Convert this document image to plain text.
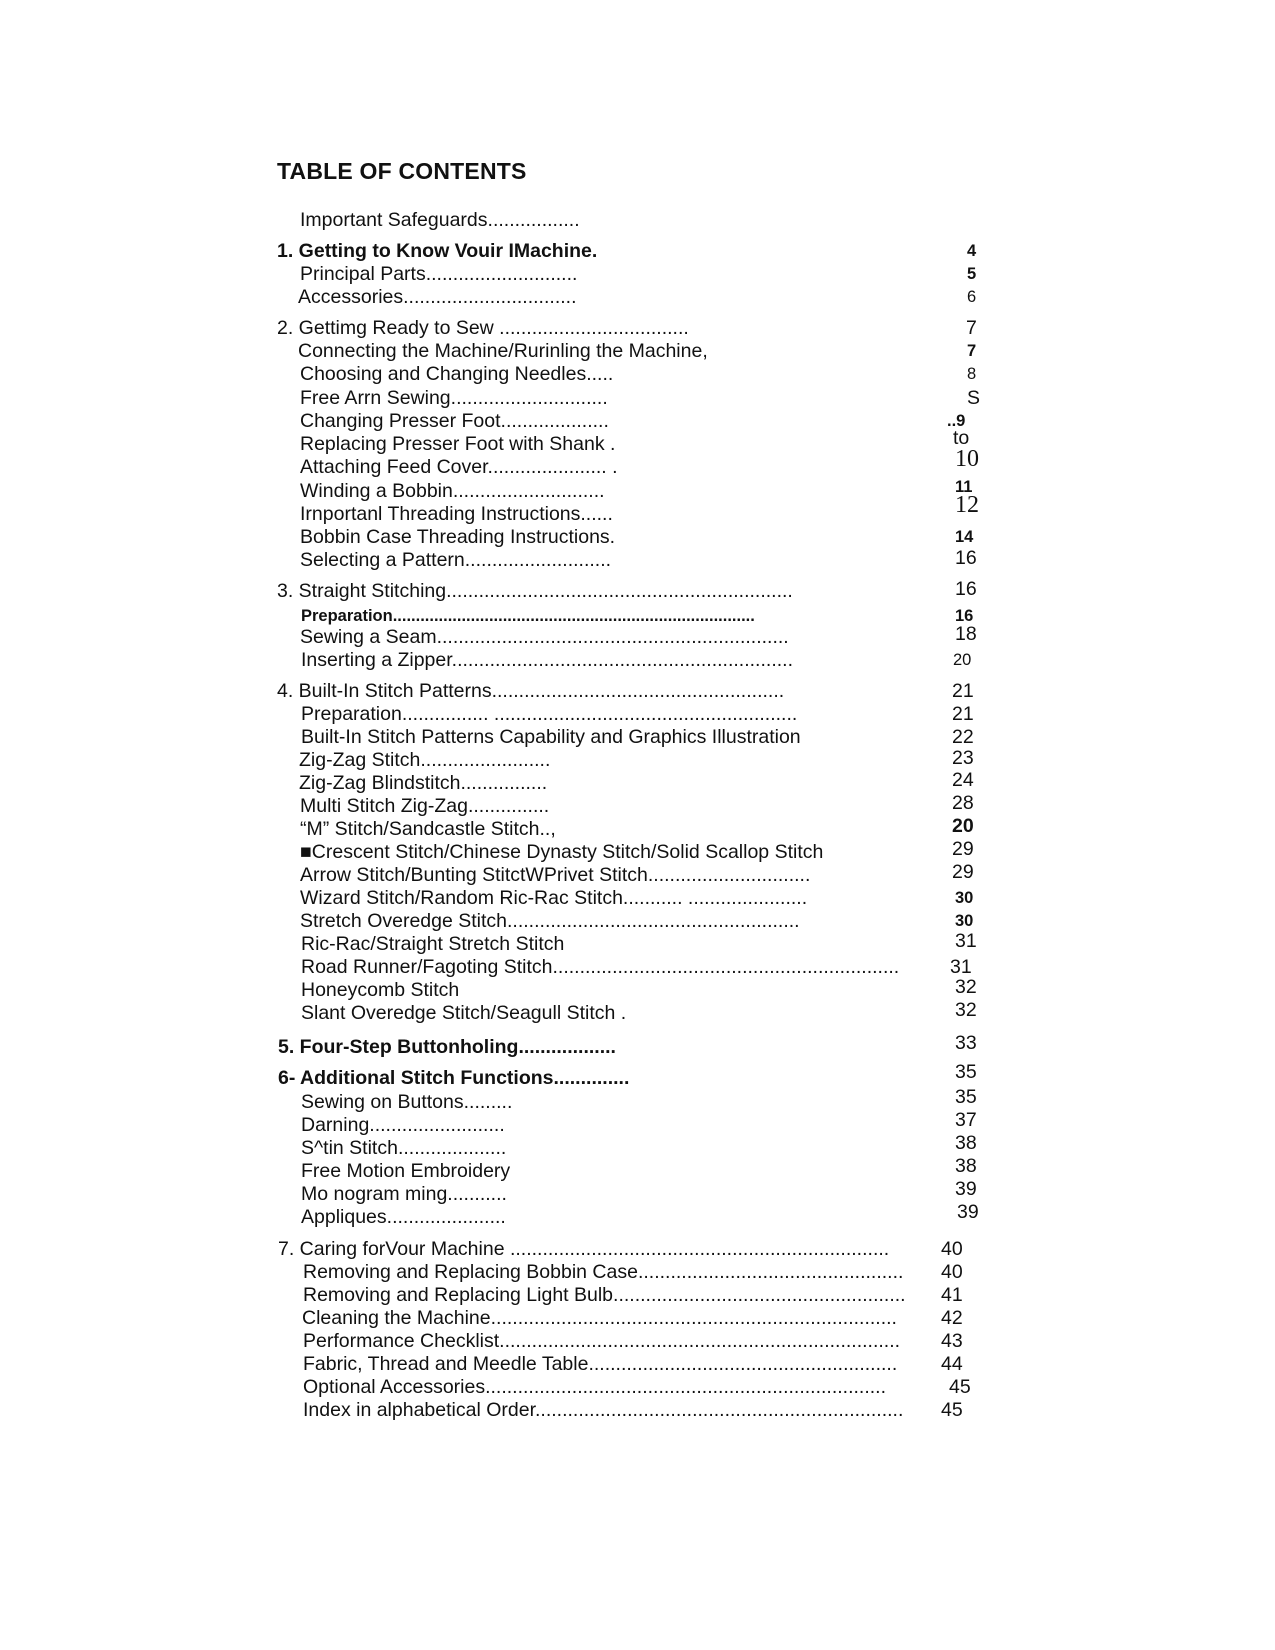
TABLE OF CONTENTS
Important Safeguards.................
1. Getting to Know Vouir IMachine.	4
Principal Parts............................	5
Accessories................................	6
2. Gettimg Ready to Sew ...................................	7
Connecting the Machine/Rurinling the Machine,	7
Choosing and Changing Needles.....	8
Free Arrn Sewing.............................	S
Changing Presser Foot....................	..9
Replacing Presser Foot with Shank .	to
Attaching Feed Cover...................... .	10
Winding a Bobbin............................	11
Irnportanl Threading Instructions......	12
Bobbin Case Threading Instructions.	14
Selecting a Pattern...........................	16
3. Straight Stitching................................................................	16
Preparation...............................................................................	16
Sewing a Seam.................................................................	18
Inserting a Zipper...............................................................	20
4. Built-In Stitch Patterns......................................................	21
Preparation................ ........................................................	21
Built-In Stitch Patterns Capability and Graphics Illustration	22
Zig-Zag Stitch........................	23
Zig-Zag Blindstitch................	24
Multi Stitch Zig-Zag...............	28
“M” Stitch/Sandcastle Stitch..,	20
■Crescent Stitch/Chinese Dynasty Stitch/Solid Scallop Stitch	29
Arrow Stitch/Bunting StitctWPrivet Stitch..............................	29
Wizard Stitch/Random Ric-Rac Stitch........... ......................	30
Stretch Overedge Stitch......................................................	30
Ric-Rac/Straight Stretch Stitch	31
Road Runner/Fagoting Stitch................................................................	31
Honeycomb Stitch	32
Slant Overedge Stitch/Seagull Stitch .	32
5. Four-Step Buttonholing..................	33
6- Additional Stitch Functions..............	35
Sewing on Buttons.........	35
Darning.........................	37
S^tin Stitch....................	38
Free Motion Embroidery	38
Mo nogram ming...........	39
Appliques......................	39
7. Caring forVour Machine ......................................................................	40
Removing and Replacing Bobbin Case................................................. 40
Removing and Replacing Light Bulb...................................................... 41
Cleaning the Machine........................................................................... 42
Performance Checklist.......................................................................... 43
Fabric, Thread and Meedle Table......................................................... 44
Optional Accessories..........................................................................	45
Index in alphabetical Order.................................................................... 45
